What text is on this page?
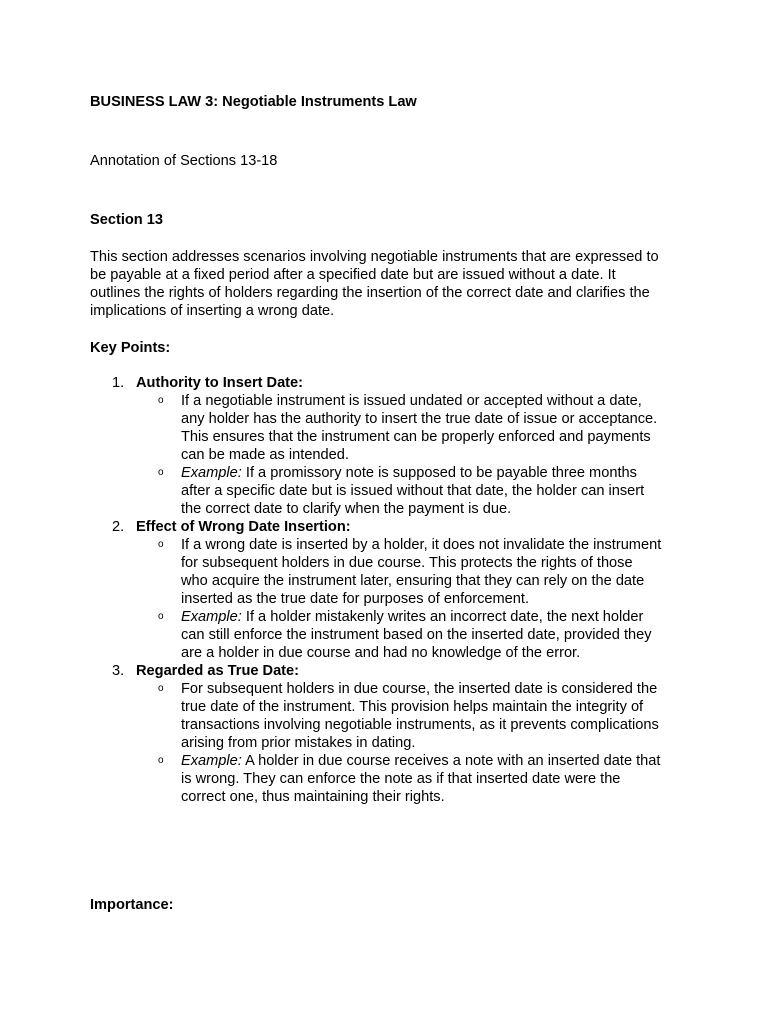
BUSINESS LAW 3: Negotiable Instruments Law

Annotation of Sections 13-18

Section 13

This section addresses scenarios involving negotiable instruments that are expressed to
be payable at a fixed period after a specified date but are issued without a date. It
outlines the rights of holders regarding the insertion of the correct date and clarifies the
implications of inserting a wrong date.

Key Points:

1. Authority to Insert Date:
o If a negotiable instrument is issued undated or accepted without a date,
any holder has the authority to insert the true date of issue or acceptance.
This ensures that the instrument can be properly enforced and payments
can be made as intended.
o Example: If a promissory note is supposed to be payable three months
after a specific date but is issued without that date, the holder can insert
the correct date to clarify when the payment is due.
2. Effect of Wrong Date Insertion:
o If a wrong date is inserted by a holder, it does not invalidate the instrument
for subsequent holders in due course. This protects the rights of those
who acquire the instrument later, ensuring that they can rely on the date
inserted as the true date for purposes of enforcement.
o Example: If a holder mistakenly writes an incorrect date, the next holder
can still enforce the instrument based on the inserted date, provided they
are a holder in due course and had no knowledge of the error.
3. Regarded as True Date:
o For subsequent holders in due course, the inserted date is considered the
true date of the instrument. This provision helps maintain the integrity of
transactions involving negotiable instruments, as it prevents complications
arising from prior mistakes in dating.
o Example: A holder in due course receives a note with an inserted date that
is wrong. They can enforce the note as if that inserted date were the
correct one, thus maintaining their rights.

Importance:
